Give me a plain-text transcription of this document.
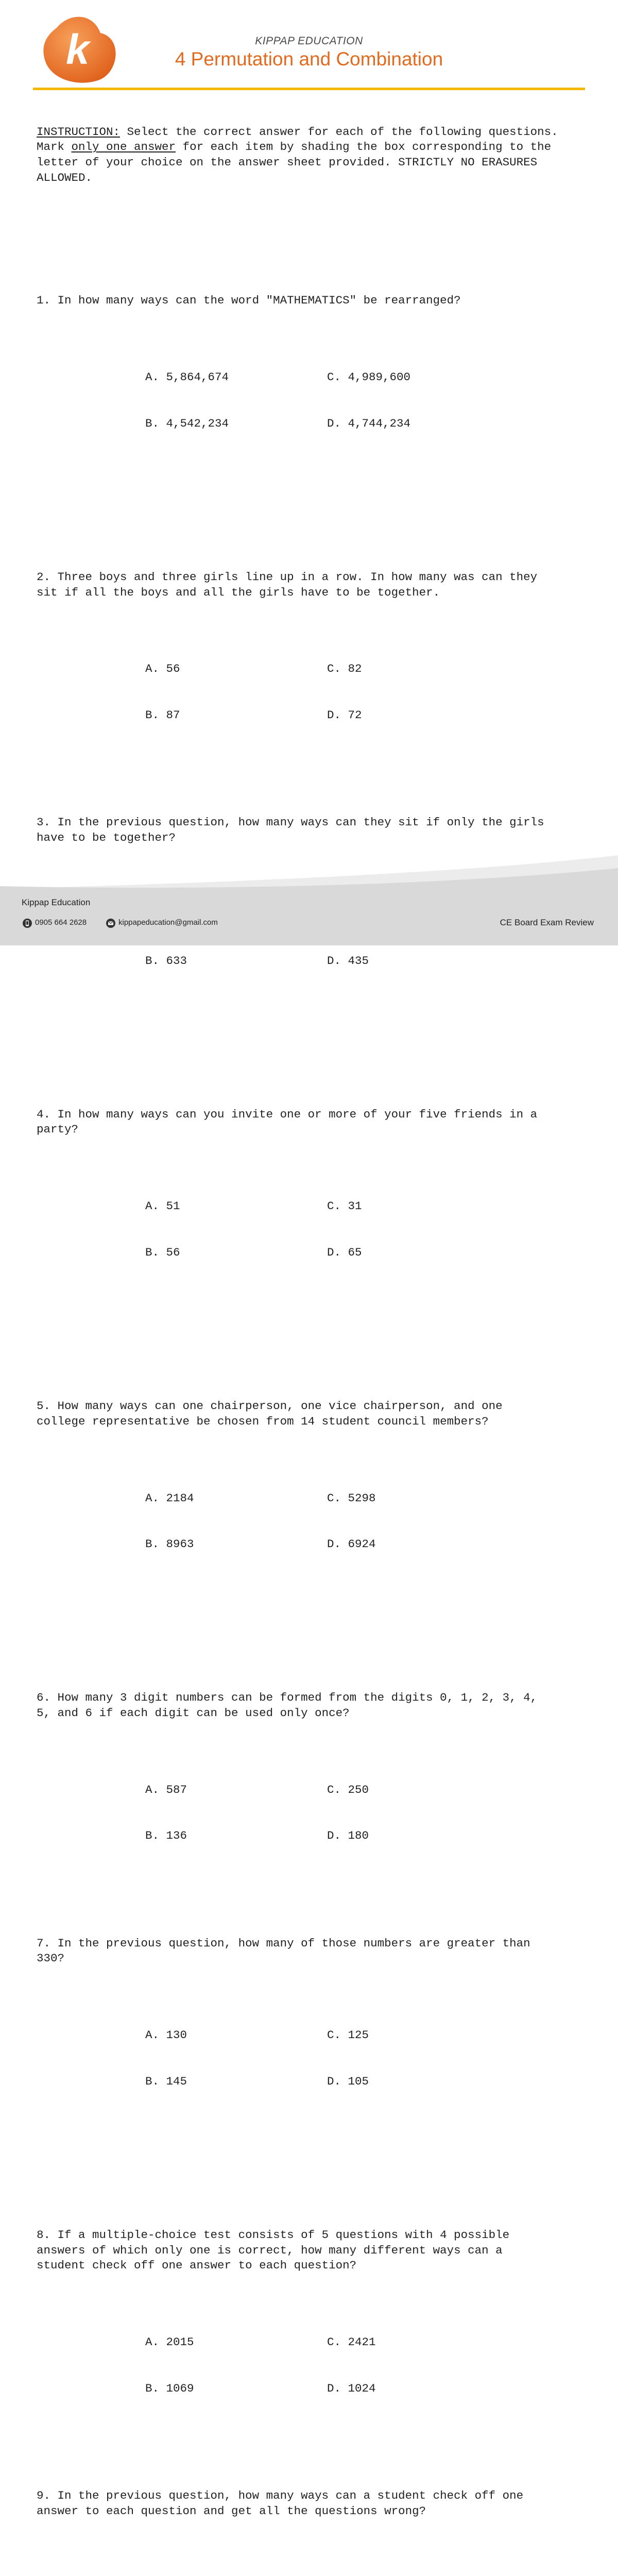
k	KIPPAP EDUCATION
4 Permutation and Combination

INSTRUCTION: Select the correct answer for each of the following questions.
Mark only one answer for each item by shading the box corresponding to the
letter of your choice on the answer sheet provided. STRICTLY NO ERASURES
ALLOWED.

1. In how many ways can the word "MATHEMATICS" be rearranged?

A. 5,864,674	C. 4,989,600

B. 4,542,234	D. 4,744,234

2. Three boys and three girls line up in a row. In how many was can they
sit if all the boys and all the girls have to be together.

A. 56	C. 82

B. 87	D. 72

3. In the previous question, how many ways can they sit if only the girls
have to be together?

B. 633	D. 435

4. In how many ways can you invite one or more of your five friends in a
party?

A. 51	C. 31

B. 56	D. 65

5. How many ways can one chairperson, one vice chairperson, and one
college representative be chosen from 14 student council members?

A. 2184	C. 5298

B. 8963	D. 6924

6. How many 3 digit numbers can be formed from the digits 0, 1, 2, 3, 4,
5, and 6 if each digit can be used only once?

A. 587	C. 250

B. 136	D. 180

7. In the previous question, how many of those numbers are greater than
330?

A. 130	C. 125

B. 145	D. 105

8. If a multiple-choice test consists of 5 questions with 4 possible
answers of which only one is correct, how many different ways can a
student check off one answer to each question?

A. 2015	C. 2421

B. 1069	D. 1024

9. In the previous question, how many ways can a student check off one
answer to each question and get all the questions wrong?

Kippap Education
0905 664 2628	kippapeducation@gmail.com	CE Board Exam Review
